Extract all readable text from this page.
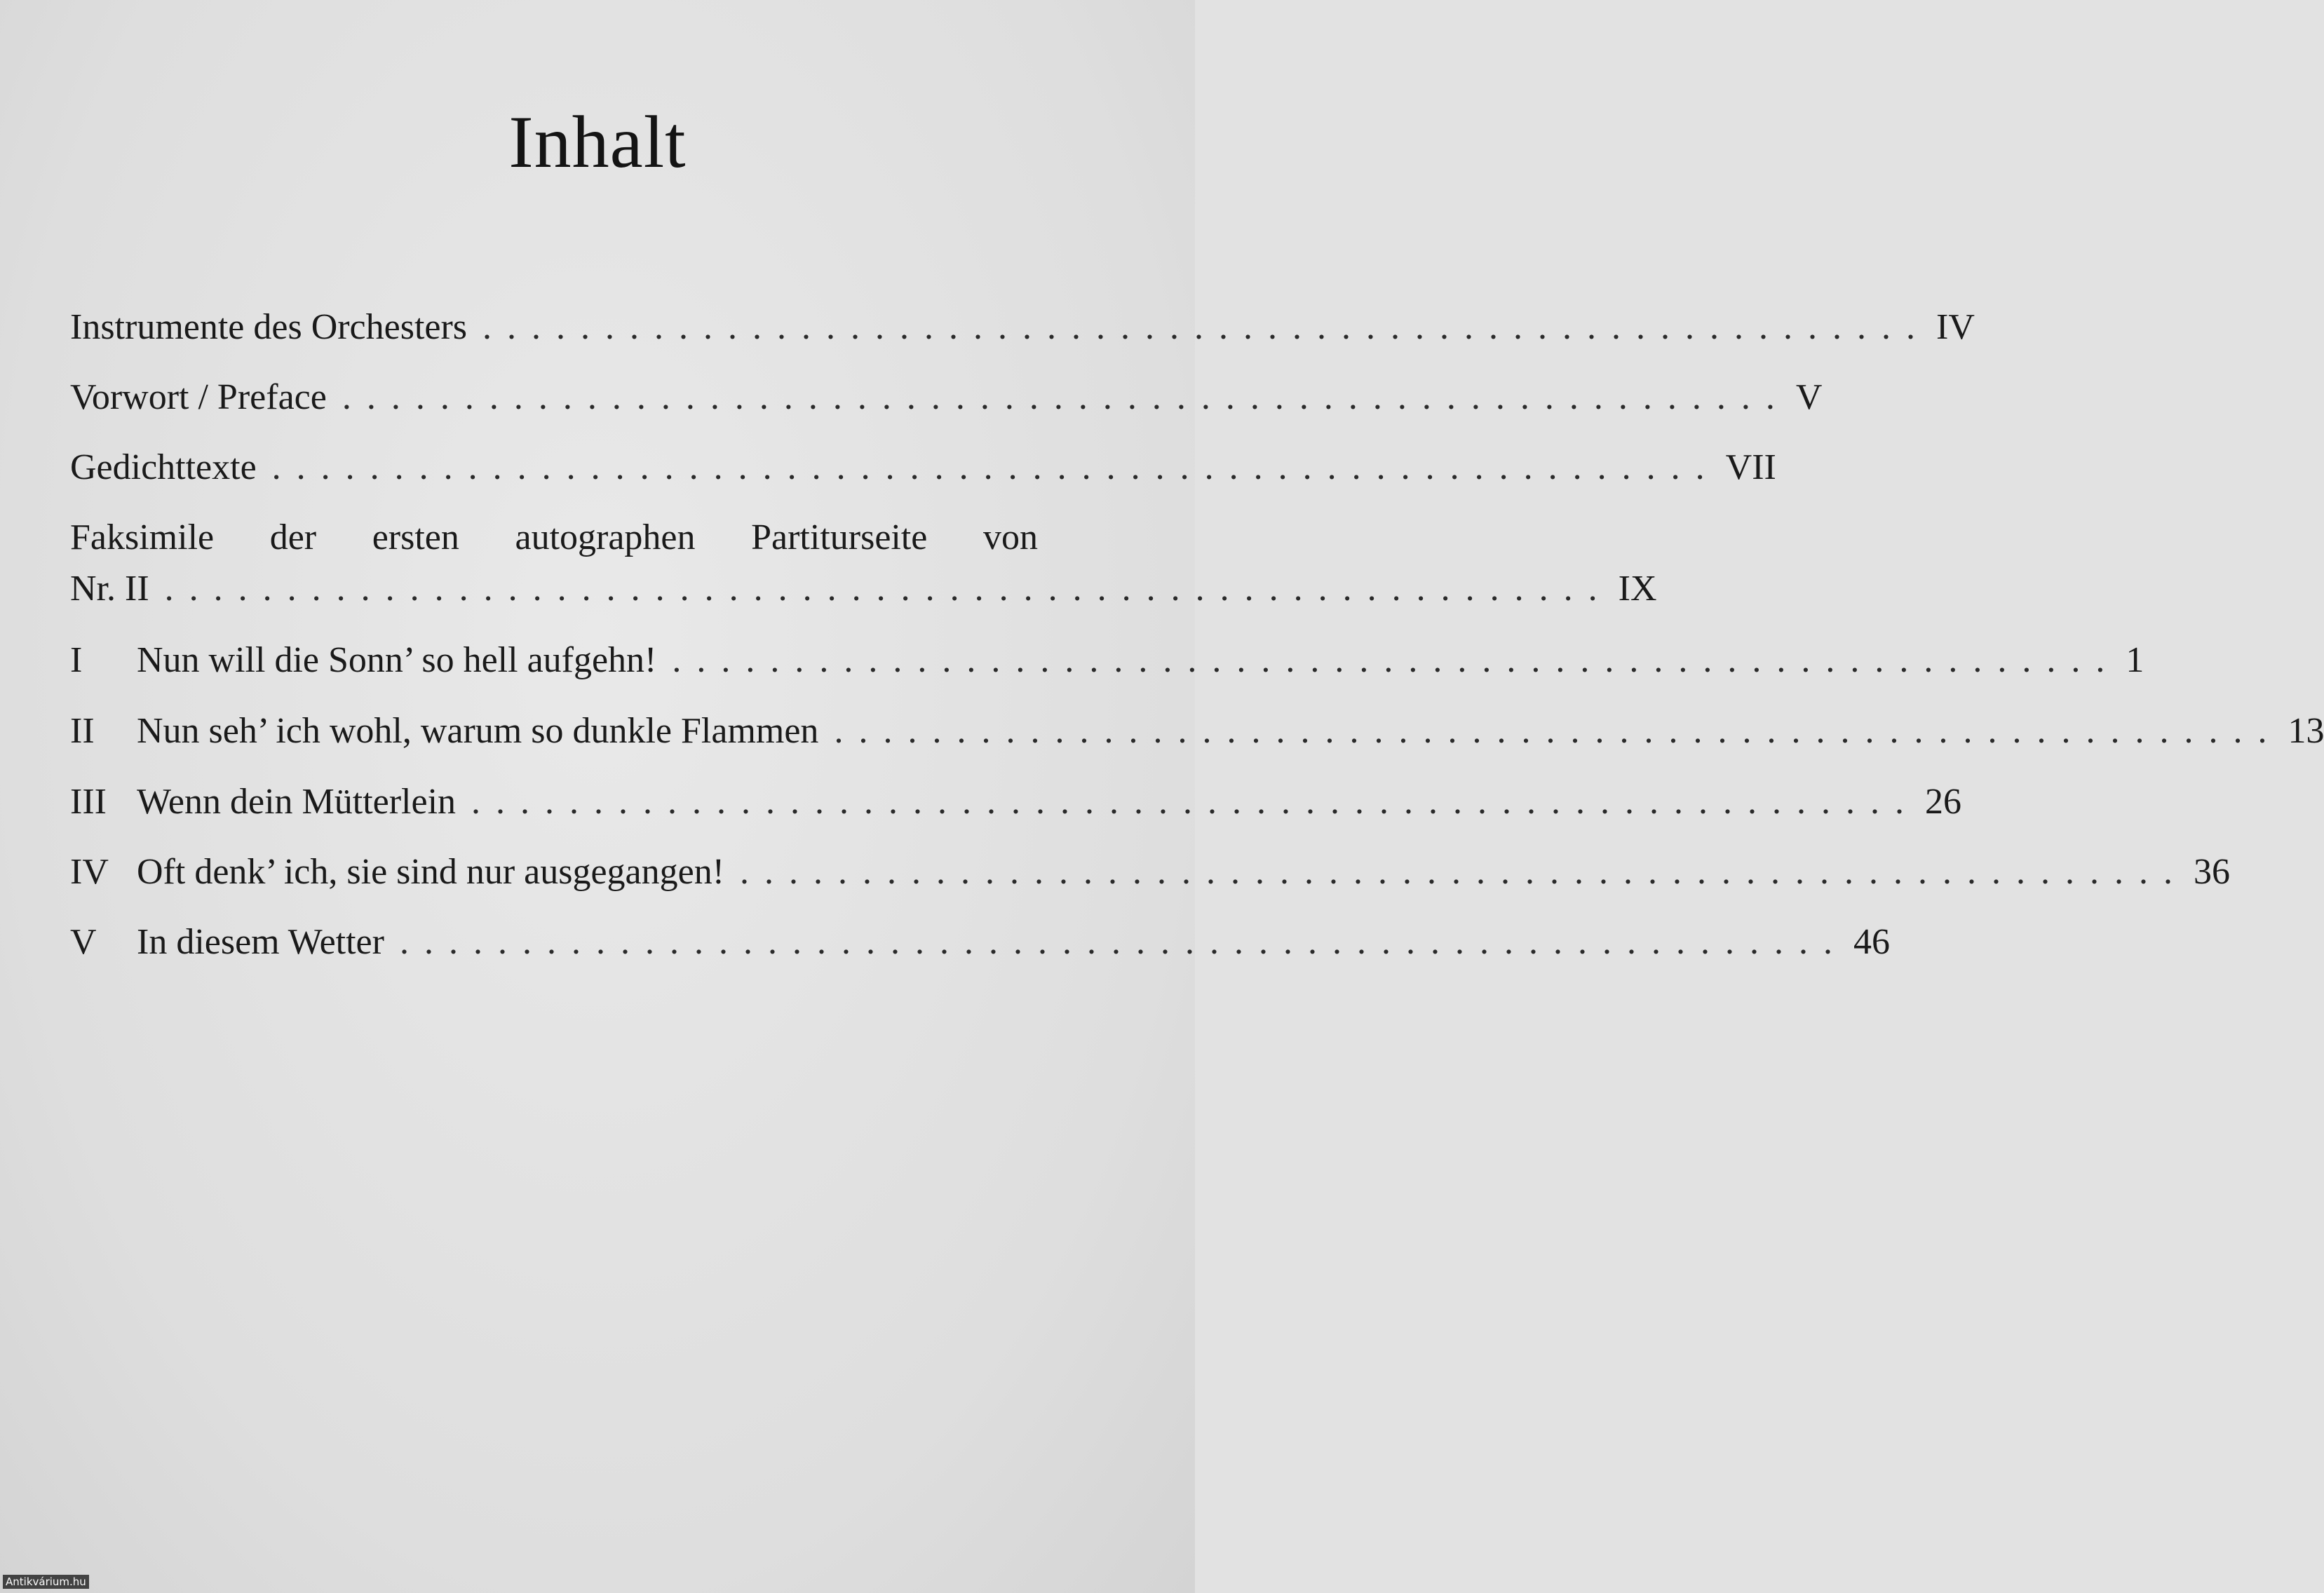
Inhalt
Instrumente des Orchesters ........................................................... IV
Vorwort / Preface ........................................................... V
Gedichttexte ........................................................... VII
Faksimile der ersten autographen Partiturseite von
Nr. II ........................................................... IX
I	Nun will die Sonn’ so hell aufgehn! ........................................................... 1
II	Nun seh’ ich wohl, warum so dunkle Flammen ........................................................... 13
III Wenn dein Mütterlein ........................................................... 26
IV Oft denk’ ich, sie sind nur ausgegangen! ........................................................... 36
V	In diesem Wetter ........................................................... 46
Antikvárium.hu
